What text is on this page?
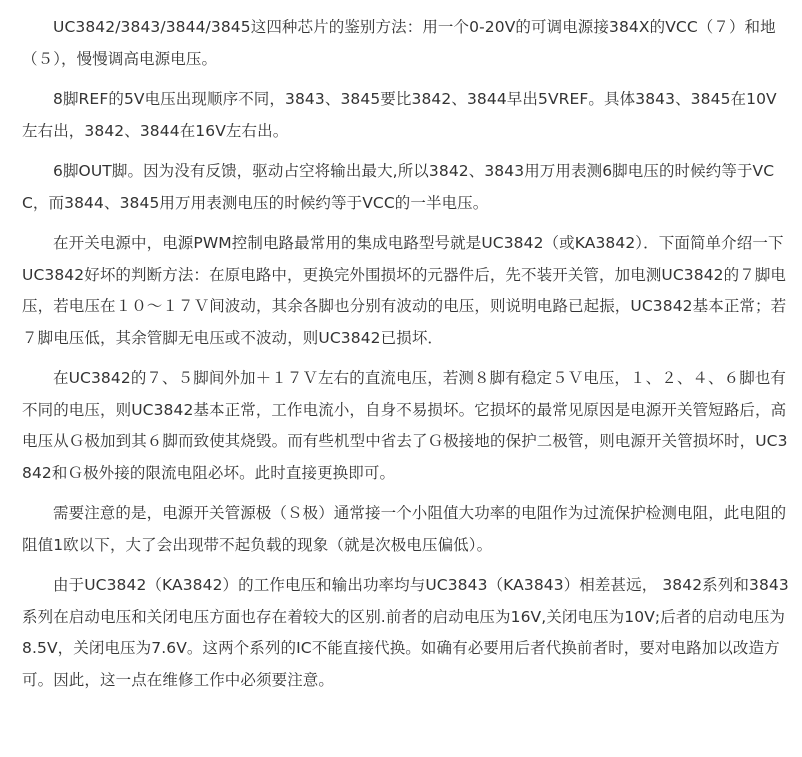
UC3842/3843/3844/3845这四种芯片的鉴别方法：用一个0-20V的可调电源接384X的VCC（７）和地（５），慢慢调高电源电压。

8脚REF的5V电压出现顺序不同，3843、3845要比3842、3844早出5VREF。具体3843、3845在10V左右出，3842、3844在16V左右出。

6脚OUT脚。因为没有反馈，驱动占空将输出最大,所以3842、3843用万用表测6脚电压的时候约等于VCC，而3844、3845用万用表测电压的时候约等于VCC的一半电压。

在开关电源中，电源PWM控制电路最常用的集成电路型号就是UC3842（或KA3842）．下面简单介绍一下UC3842好坏的判断方法：在原电路中，更换完外围损坏的元器件后，先不装开关管，加电测UC3842的７脚电压，若电压在１０～１７Ｖ间波动，其余各脚也分别有波动的电压，则说明电路已起振，UC3842基本正常；若７脚电压低，其余管脚无电压或不波动，则UC3842已损坏．

在UC3842的７、５脚间外加＋１７Ｖ左右的直流电压，若测８脚有稳定５Ｖ电压，１、２、４、６脚也有不同的电压，则UC3842基本正常，工作电流小，自身不易损坏。它损坏的最常见原因是电源开关管短路后，高电压从Ｇ极加到其６脚而致使其烧毁。而有些机型中省去了Ｇ极接地的保护二极管，则电源开关管损坏时，UC3842和Ｇ极外接的限流电阻必坏。此时直接更换即可。

需要注意的是，电源开关管源极（Ｓ极）通常接一个小阻值大功率的电阻作为过流保护检测电阻，此电阻的阻值1欧以下，大了会出现带不起负载的现象（就是次极电压偏低）。

由于UC3842（KA3842）的工作电压和输出功率均与UC3843（KA3843）相差甚远， 3842系列和3843系列在启动电压和关闭电压方面也存在着较大的区别.前者的启动电压为16V,关闭电压为10V;后者的启动电压为8.5V，关闭电压为7.6V。这两个系列的IC不能直接代换。如确有必要用后者代换前者时，要对电路加以改造方可。因此，这一点在维修工作中必须要注意。
